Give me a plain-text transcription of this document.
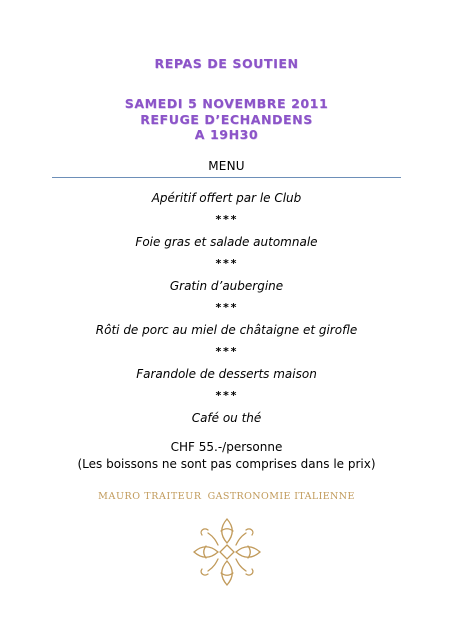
REPAS DE SOUTIEN
SAMEDI 5 NOVEMBRE 2011
REFUGE D’ECHANDENS
A 19H30
MENU
Apéritif offert par le Club
***
Foie gras et salade automnale
***
Gratin d’aubergine
***
Rôti de porc au miel de châtaigne et girofle
***
Farandole de desserts maison
***
Café ou thé
CHF 55.-/personne
(Les boissons ne sont pas comprises dans le prix)
MAURO TRAITEUR GASTRONOMIE ITALIENNE
